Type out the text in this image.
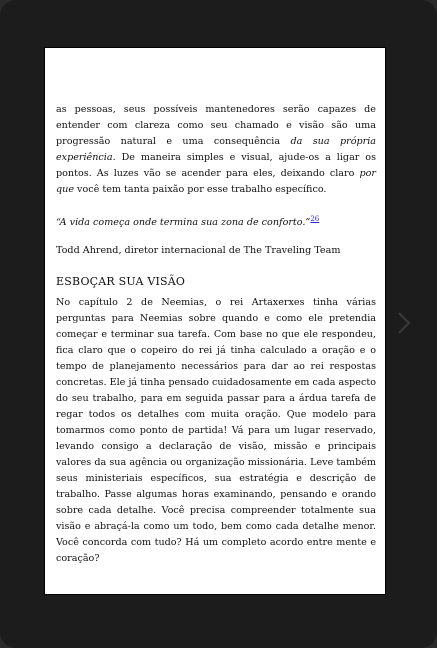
as pessoas, seus possíveis mantenedores serão capazes de entender com clareza como seu chamado e visão são uma progressão natural e uma consequência da sua própria experiência. De maneira simples e visual, ajude-os a ligar os pontos. As luzes vão se acender para eles, deixando claro por que você tem tanta paixão por esse trabalho específico.

“A vida começa onde termina sua zona de conforto.”$^{26}$

Todd Ahrend, diretor internacional de The Traveling Team

ESBOÇAR SUA VISÃO

No capítulo 2 de Neemias, o rei Artaxerxes tinha várias perguntas para Neemias sobre quando e como ele pretendia começar e terminar sua tarefa. Com base no que ele respondeu, fica claro que o copeiro do rei já tinha calculado a oração e o tempo de planejamento necessários para dar ao rei respostas concretas. Ele já tinha pensado cuidadosamente em cada aspecto do seu trabalho, para em seguida passar para a árdua tarefa de regar todos os detalhes com muita oração. Que modelo para tomarmos como ponto de partida! Vá para um lugar reservado, levando consigo a declaração de visão, missão e principais valores da sua agência ou organização missionária. Leve também seus ministeriais específicos, sua estratégia e descrição de trabalho. Passe algumas horas examinando, pensando e orando sobre cada detalhe. Você precisa compreender totalmente sua visão e abraçá-la como um todo, bem como cada detalhe menor. Você concorda com tudo? Há um completo acordo entre mente e coração?
